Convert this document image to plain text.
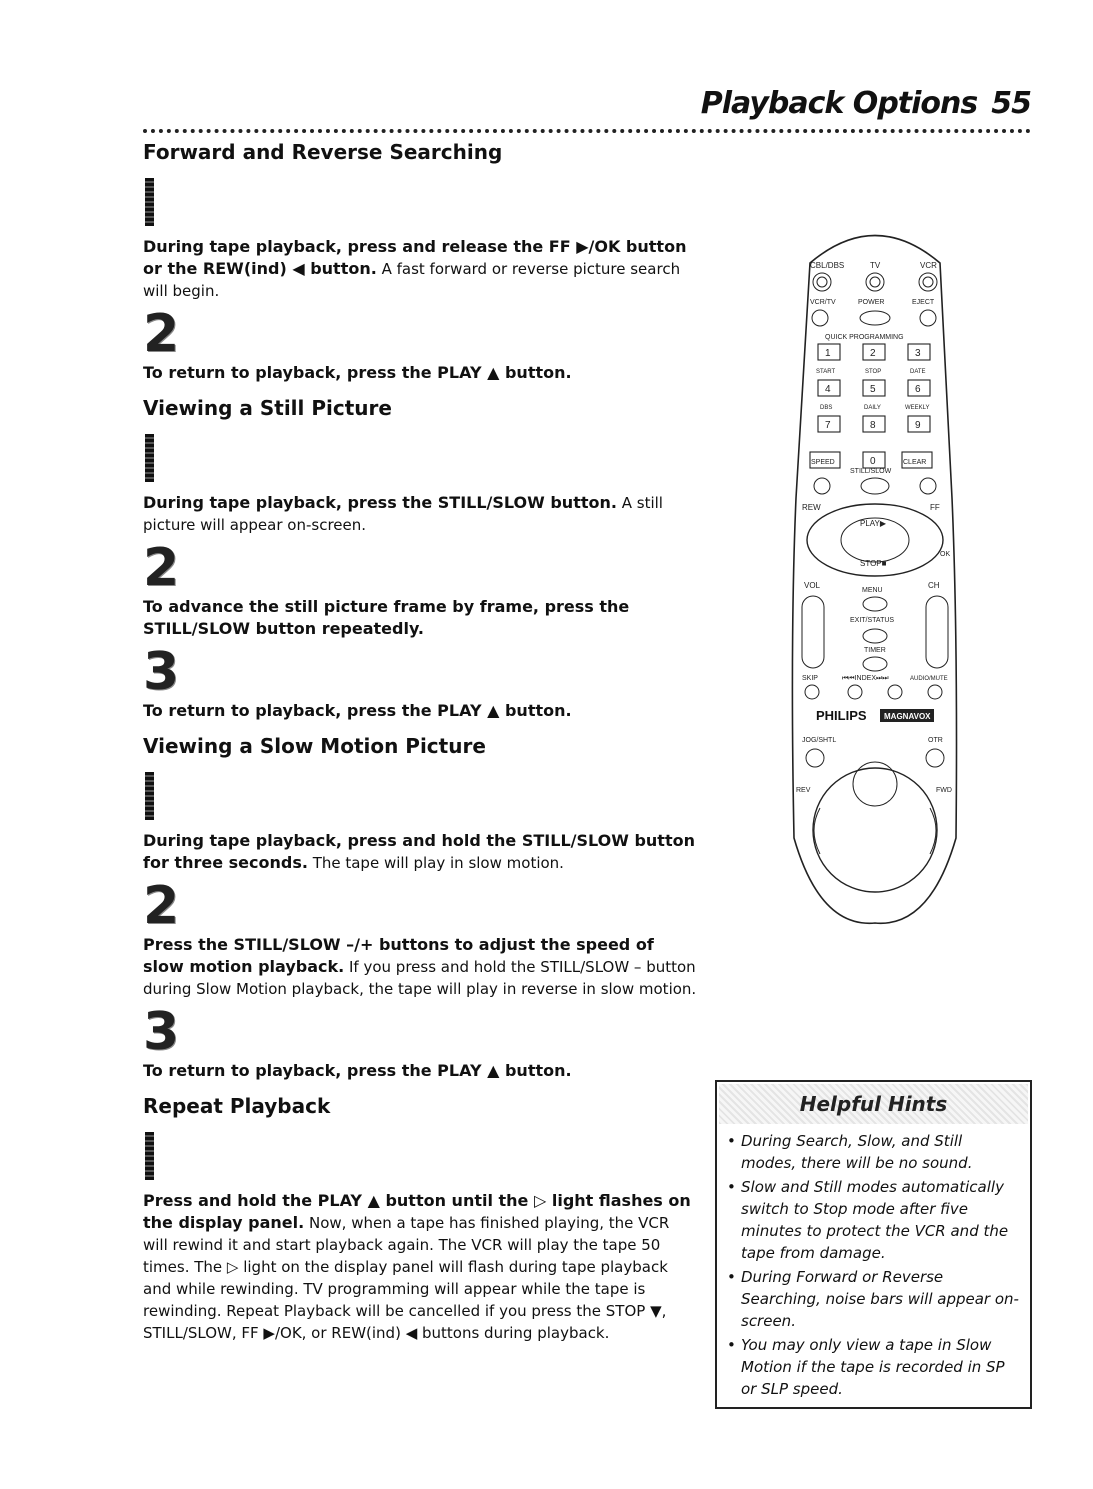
Playback Options 55
Forward and Reverse Searching

During tape playback, press and release the FF ▶/OK button or the REW(ind) ◀ button. A fast forward or reverse picture search will begin.

2

To return to playback, press the PLAY ▲ button.

Viewing a Still Picture

During tape playback, press the STILL/SLOW button. A still picture will appear on-screen.

2

To advance the still picture frame by frame, press the STILL/SLOW button repeatedly.

3

To return to playback, press the PLAY ▲ button.

Viewing a Slow Motion Picture

During tape playback, press and hold the STILL/SLOW button for three seconds. The tape will play in slow motion.

2

Press the STILL/SLOW –/+ buttons to adjust the speed of slow motion playback. If you press and hold the STILL/SLOW – button during Slow Motion playback, the tape will play in reverse in slow motion.

3

To return to playback, press the PLAY ▲ button.

Repeat Playback

Press and hold the PLAY ▲ button until the ▷ light flashes on the display panel. Now, when a tape has finished playing, the VCR will rewind it and start playback again. The VCR will play the tape 50 times. The ▷ light on the display panel will flash during tape playback and while rewinding. TV programming will appear while the tape is rewinding. Repeat Playback will be cancelled if you press the STOP ▼, STILL/SLOW, FF ▶/OK, or REW(ind) ◀ buttons during playback.

CBL/DBS	TV	VCR
VCR/TV	POWER	EJECT
QUICK PROGRAMMING
1	2	3
START	STOP	DATE
4	5	6
DBS	DAILY	WEEKLY
7	8	9
SPEED	0	CLEAR
STILL/SLOW
REW	FF
PLAY▶
STOP■
OK
VOL	CH
MENU
EXIT/STATUS
TIMER
SKIP	⏮⏮INDEX⏭⏭	AUDIO/MUTE
PHILIPS MAGNAVOX
JOG/SHTL	OTR
REV	FWD
Helpful Hints
• During Search, Slow, and Still modes, there will be no sound.
• Slow and Still modes automatically switch to Stop mode after five minutes to protect the VCR and the tape from damage.
• During Forward or Reverse Searching, noise bars will appear on-screen.
• You may only view a tape in Slow Motion if the tape is recorded in SP or SLP speed.
